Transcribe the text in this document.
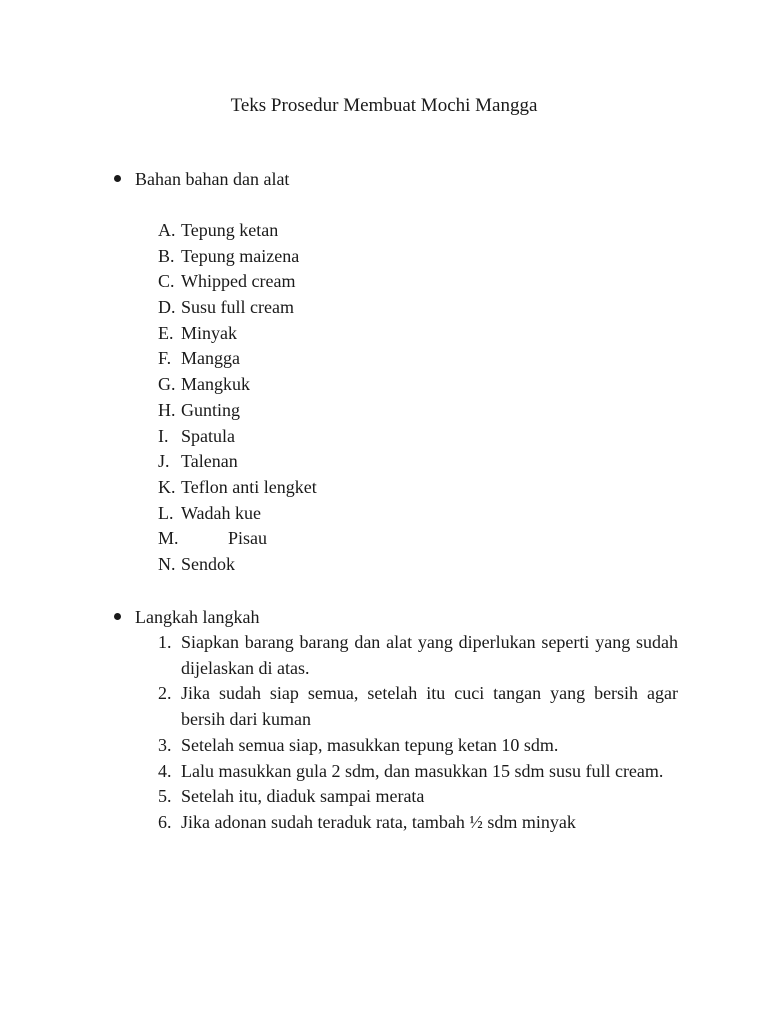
Teks Prosedur Membuat Mochi Mangga
Bahan bahan dan alat
A. Tepung ketan
B. Tepung maizena
C. Whipped cream
D. Susu full cream
E. Minyak
F. Mangga
G. Mangkuk
H. Gunting
I. Spatula
J. Talenan
K. Teflon anti lengket
L. Wadah kue
M.	Pisau
N. Sendok
Langkah langkah
1. Siapkan barang barang dan alat yang diperlukan seperti yang sudah dijelaskan di atas.
2. Jika sudah siap semua, setelah itu cuci tangan yang bersih agar bersih dari kuman
3. Setelah semua siap, masukkan tepung ketan 10 sdm.
4. Lalu masukkan gula 2 sdm, dan masukkan 15 sdm susu full cream.
5. Setelah itu, diaduk sampai merata
6. Jika adonan sudah teraduk rata, tambah ½ sdm minyak
